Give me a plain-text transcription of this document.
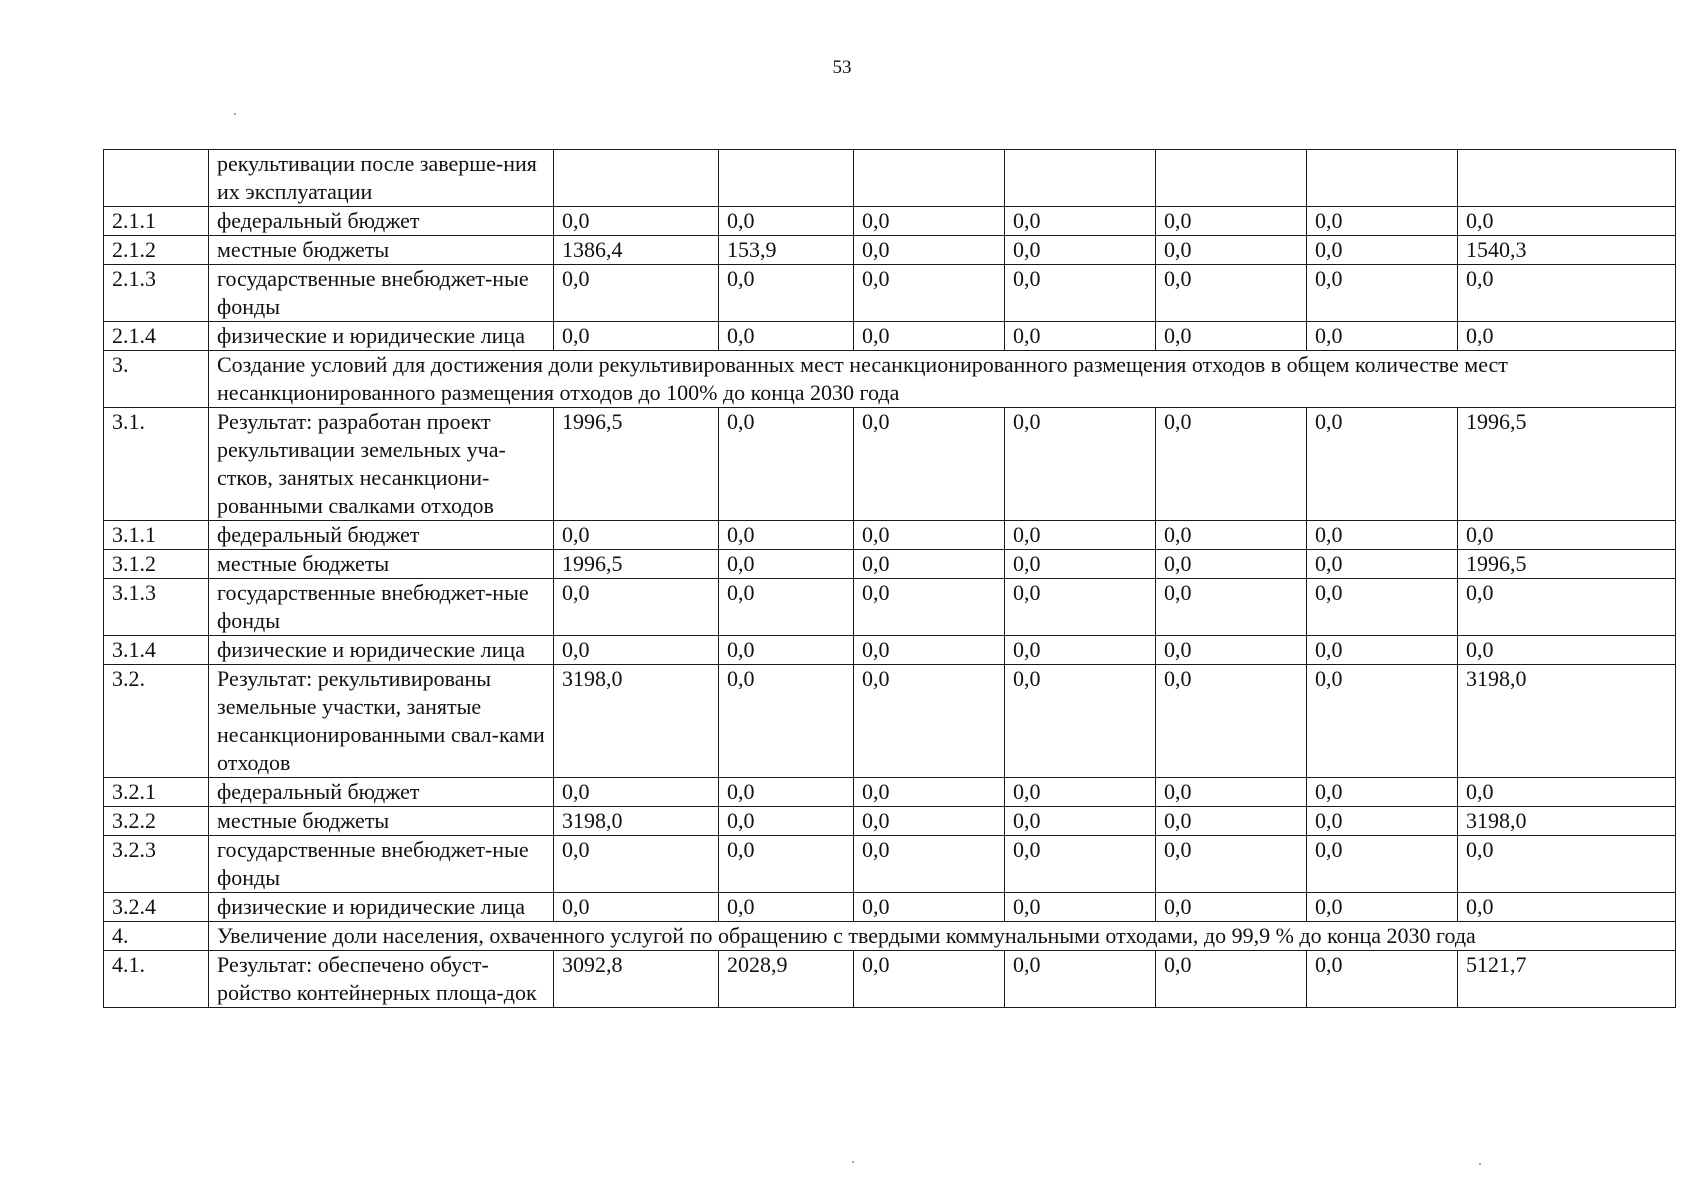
53
	рекультивации после заверше-ния их эксплуатации							
2.1.1	федеральный бюджет	0,0	0,0	0,0	0,0	0,0	0,0	0,0
2.1.2	местные бюджеты	1386,4	153,9	0,0	0,0	0,0	0,0	1540,3
2.1.3	государственные внебюджет-ные фонды	0,0	0,0	0,0	0,0	0,0	0,0	0,0
2.1.4	физические и юридические лица	0,0	0,0	0,0	0,0	0,0	0,0	0,0
3.	Создание условий для достижения доли рекультивированных мест несанкционированного размещения отходов в общем количестве мест несанкционированного размещения отходов до 100% до конца 2030 года							
3.1.	Результат: разработан проект рекультивации земельных уча-стков, занятых несанкциони-рованными свалками отходов	1996,5	0,0	0,0	0,0	0,0	0,0	1996,5
3.1.1	федеральный бюджет	0,0	0,0	0,0	0,0	0,0	0,0	0,0
3.1.2	местные бюджеты	1996,5	0,0	0,0	0,0	0,0	0,0	1996,5
3.1.3	государственные внебюджет-ные фонды	0,0	0,0	0,0	0,0	0,0	0,0	0,0
3.1.4	физические и юридические лица	0,0	0,0	0,0	0,0	0,0	0,0	0,0
3.2.	Результат: рекультивированы земельные участки, занятые несанкционированными свал-ками отходов	3198,0	0,0	0,0	0,0	0,0	0,0	3198,0
3.2.1	федеральный бюджет	0,0	0,0	0,0	0,0	0,0	0,0	0,0
3.2.2	местные бюджеты	3198,0	0,0	0,0	0,0	0,0	0,0	3198,0
3.2.3	государственные внебюджет-ные фонды	0,0	0,0	0,0	0,0	0,0	0,0	0,0
3.2.4	физические и юридические лица	0,0	0,0	0,0	0,0	0,0	0,0	0,0
4.	Увеличение доли населения, охваченного услугой по обращению с твердыми коммунальными отходами, до 99,9 % до конца 2030 года							
4.1.	Результат: обеспечено обуст-ройство контейнерных площа-док	3092,8	2028,9	0,0	0,0	0,0	0,0	5121,7
